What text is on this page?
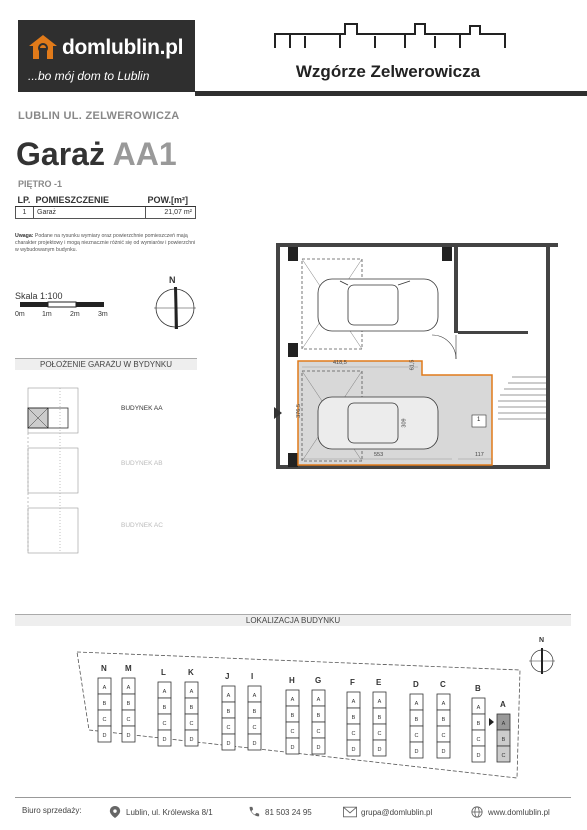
domlublin.pl
...bo mój dom to Lublin	Wzgórze Zelwerowicza
LUBLIN UL. ZELWEROWICZA
Garaż AA1
PIĘTRO -1
LP.	POMIESZCZENIE	POW.[m²]
1	Garaż	21,07 m²
Uwaga: Podane na rysunku wymiary oraz powierzchnie pomieszczeń mają charakter projektowy i mogą nieznacznie różnić się od wymiarów i powierzchni w wybudowanym budynku.
Skala 1:100
0m 1m	2m	3m
N
POŁOŻENIE GARAŻU W BYDYNKU
BUDYNEK AA
BUDYNEK AB
BUDYNEK AC
418,5	61,5
376,5
309
553	117
1
LOKALIZACJA BUDYNKU
A
B
C
D
A
B
C
D
A
B
C
D
A
B
C
D
A
B
C
D
A
B
C
D
A
B
C
D
A
B
C
D
A
B
C
D
A
B
C
D
A
B
C
D
A
B
C
D
A
B
C
D
A
B
C
N M	L	K	J	I	H	G	F	E	D	C	B
A
N
Biuro sprzedaży:	Lublin, ul. Królewska 8/1	81 503 24 95	grupa@domlublin.pl	www.domlublin.pl
